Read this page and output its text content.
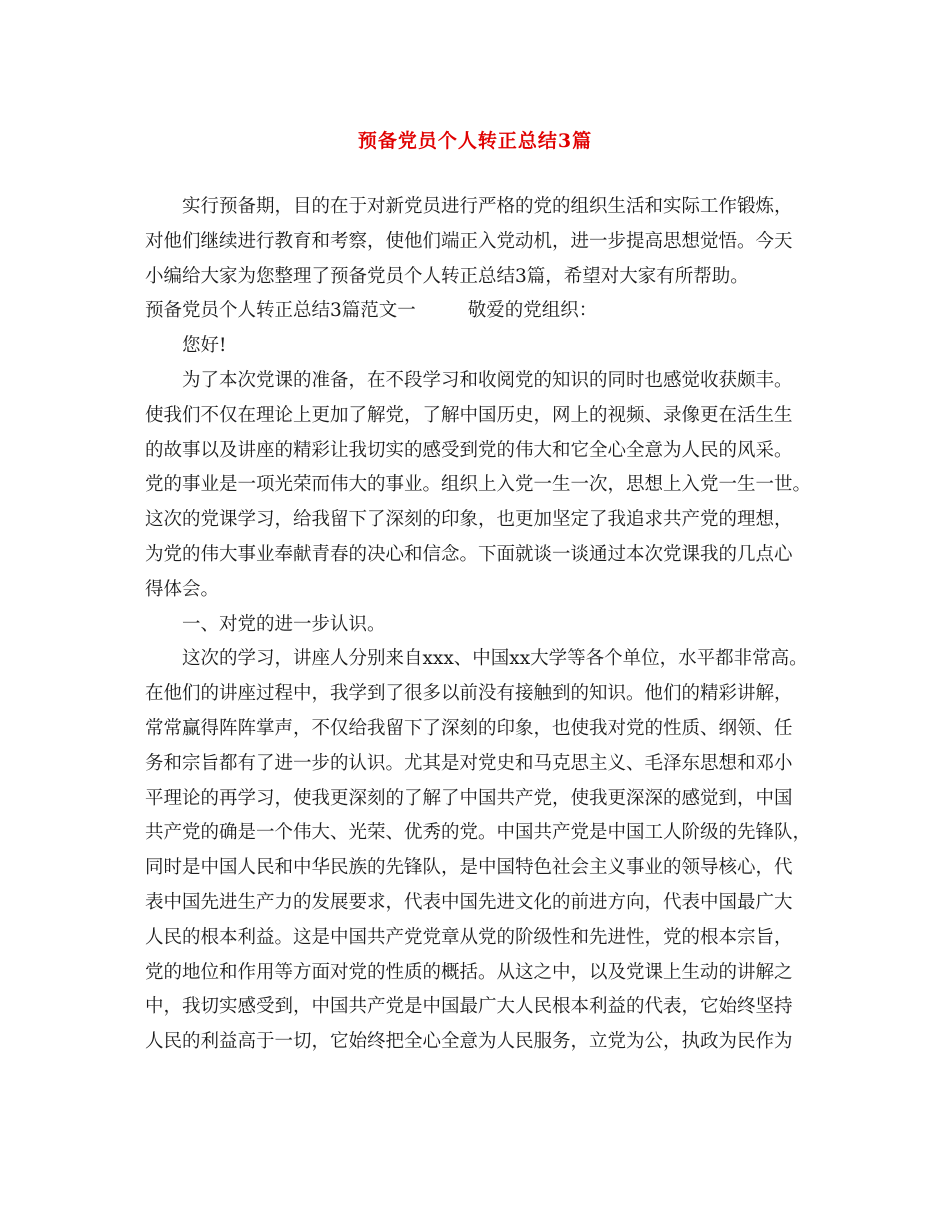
预备党员个人转正总结3篇
实行预备期，目的在于对新党员进行严格的党的组织生活和实际工作锻炼，
对他们继续进行教育和考察，使他们端正入党动机，进一步提高思想觉悟。今天
小编给大家为您整理了预备党员个人转正总结3篇，希望对大家有所帮助。
预备党员个人转正总结3篇范文一	敬爱的党组织：
您好!
为了本次党课的准备，在不段学习和收阅党的知识的同时也感觉收获颇丰。
使我们不仅在理论上更加了解党，了解中国历史，网上的视频、录像更在活生生
的故事以及讲座的精彩让我切实的感受到党的伟大和它全心全意为人民的风采。
党的事业是一项光荣而伟大的事业。组织上入党一生一次，思想上入党一生一世。
这次的党课学习，给我留下了深刻的印象，也更加坚定了我追求共产党的理想，
为党的伟大事业奉献青春的决心和信念。下面就谈一谈通过本次党课我的几点心
得体会。
一、对党的进一步认识。
这次的学习，讲座人分别来自xxx、中国xx大学等各个单位，水平都非常高。
在他们的讲座过程中，我学到了很多以前没有接触到的知识。他们的精彩讲解，
常常赢得阵阵掌声，不仅给我留下了深刻的印象，也使我对党的性质、纲领、任
务和宗旨都有了进一步的认识。尤其是对党史和马克思主义、毛泽东思想和邓小
平理论的再学习，使我更深刻的了解了中国共产党，使我更深深的感觉到，中国
共产党的确是一个伟大、光荣、优秀的党。中国共产党是中国工人阶级的先锋队，
同时是中国人民和中华民族的先锋队，是中国特色社会主义事业的领导核心，代
表中国先进生产力的发展要求，代表中国先进文化的前进方向，代表中国最广大
人民的根本利益。这是中国共产党党章从党的阶级性和先进性，党的根本宗旨，
党的地位和作用等方面对党的性质的概括。从这之中，以及党课上生动的讲解之
中，我切实感受到，中国共产党是中国最广大人民根本利益的代表，它始终坚持
人民的利益高于一切，它始终把全心全意为人民服务，立党为公，执政为民作为
